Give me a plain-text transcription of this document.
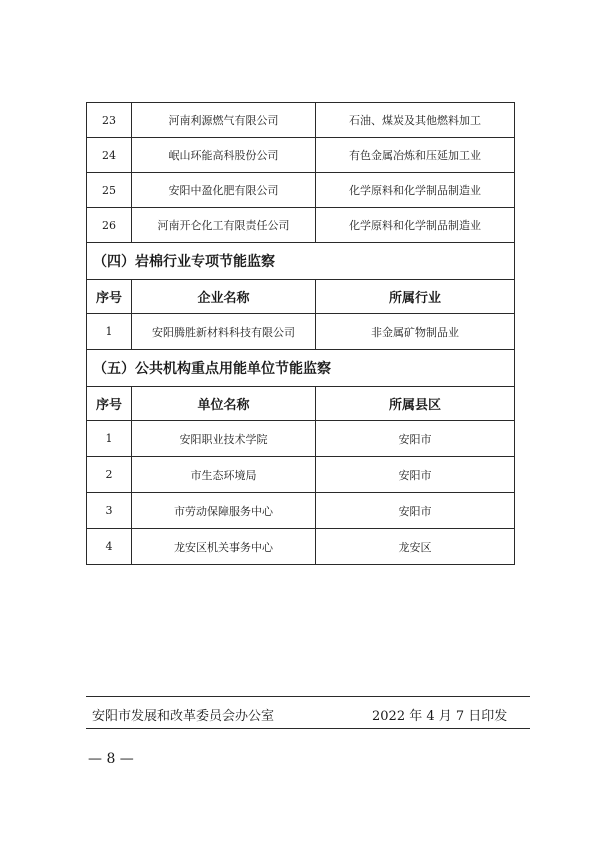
23	河南利源燃气有限公司	石油、煤炭及其他燃料加工
24	岷山环能高科股份公司	有色金属冶炼和压延加工业
25	安阳中盈化肥有限公司	化学原料和化学制品制造业
26	河南开仑化工有限责任公司	化学原料和化学制品制造业
（四）岩棉行业专项节能监察		
序号	企业名称	所属行业
1	安阳腾胜新材料科技有限公司	非金属矿物制品业
（五）公共机构重点用能单位节能监察		
序号	单位名称	所属县区
1	安阳职业技术学院	安阳市
2	市生态环境局	安阳市
3	市劳动保障服务中心	安阳市
4	龙安区机关事务中心	龙安区
安阳市发展和改革委员会办公室	2022 年 4 月 7 日印发
— 8 —
